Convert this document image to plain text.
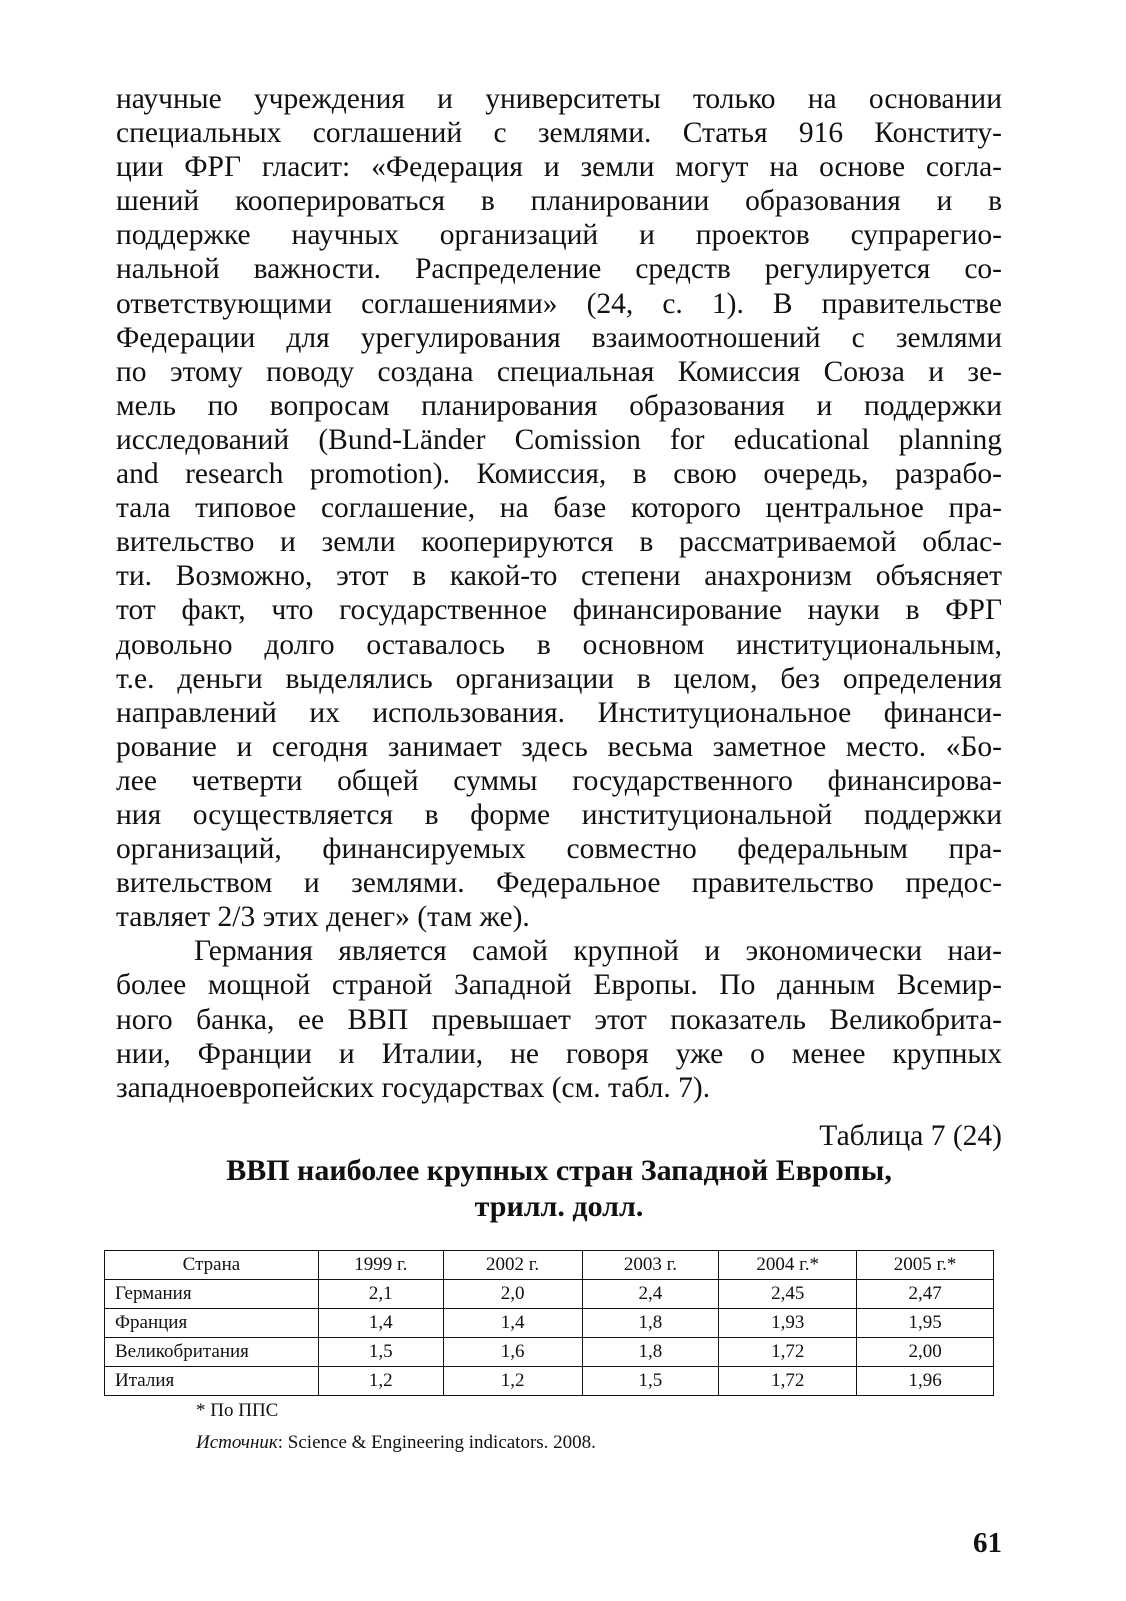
научные учреждения и университеты только на основании
специальных соглашений с землями. Статья 916 Конститу-
ции ФРГ гласит: «Федерация и земли могут на основе согла-
шений кооперироваться в планировании образования и в
поддержке научных организаций и проектов супрарегио-
нальной важности. Распределение средств регулируется со-
ответствующими соглашениями» (24, с. 1). В правительстве
Федерации для урегулирования взаимоотношений с землями
по этому поводу создана специальная Комиссия Союза и зе-
мель по вопросам планирования образования и поддержки
исследований (Bund-Länder Comission for educational planning
and research promotion). Комиссия, в свою очередь, разрабо-
тала типовое соглашение, на базе которого центральное пра-
вительство и земли кооперируются в рассматриваемой облас-
ти. Возможно, этот в какой-то степени анахронизм объясняет
тот факт, что государственное финансирование науки в ФРГ
довольно долго оставалось в основном институциональным,
т.е. деньги выделялись организации в целом, без определения
направлений их использования. Институциональное финанси-
рование и сегодня занимает здесь весьма заметное место. «Бо-
лее четверти общей суммы государственного финансирова-
ния осуществляется в форме институциональной поддержки
организаций, финансируемых совместно федеральным пра-
вительством и землями. Федеральное правительство предос-
тавляет 2/3 этих денег» (там же).
Германия является самой крупной и экономически наи-
более мощной страной Западной Европы. По данным Всемир-
ного банка, ее ВВП превышает этот показатель Великобрита-
нии, Франции и Италии, не говоря уже о менее крупных
западноевропейских государствах (см. табл. 7).
Таблица 7 (24)
ВВП наиболее крупных стран Западной Европы,
трилл. долл.
Страна	1999 г.	2002 г.	2003 г.	2004 г.*	2005 г.*
Германия	2,1	2,0	2,4	2,45	2,47
Франция	1,4	1,4	1,8	1,93	1,95
Великобритания	1,5	1,6	1,8	1,72	2,00
Италия	1,2	1,2	1,5	1,72	1,96
* По ППС
Источник: Science & Engineering indicators. 2008.
61
